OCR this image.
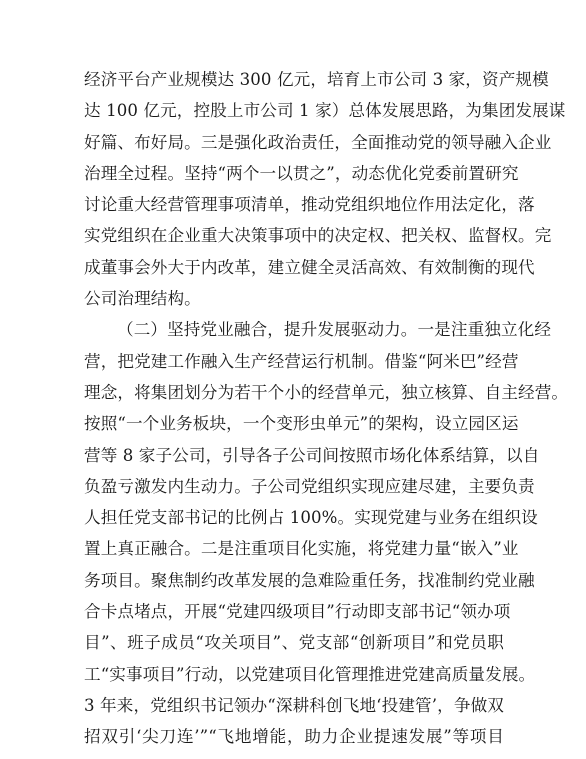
经济平台产业规模达 300 亿元，培育上市公司 3 家，资产规模
达 100 亿元，控股上市公司 1 家）总体发展思路，为集团发展谋
好篇、布好局。三是强化政治责任，全面推动党的领导融入企业
治理全过程。坚持“两个一以贯之”，动态优化党委前置研究
讨论重大经营管理事项清单，推动党组织地位作用法定化，落
实党组织在企业重大决策事项中的决定权、把关权、监督权。完
成董事会外大于内改革，建立健全灵活高效、有效制衡的现代
公司治理结构。
（二）坚持党业融合，提升发展驱动力。一是注重独立化经
营，把党建工作融入生产经营运行机制。借鉴“阿米巴”经营
理念，将集团划分为若干个小的经营单元，独立核算、自主经营。
按照“一个业务板块，一个变形虫单元”的架构，设立园区运
营等 8 家子公司，引导各子公司间按照市场化体系结算，以自
负盈亏激发内生动力。子公司党组织实现应建尽建，主要负责
人担任党支部书记的比例占 100%。实现党建与业务在组织设
置上真正融合。二是注重项目化实施，将党建力量“嵌入”业
务项目。聚焦制约改革发展的急难险重任务，找准制约党业融
合卡点堵点，开展“党建四级项目”行动即支部书记“领办项
目”、班子成员“攻关项目”、党支部“创新项目”和党员职
工“实事项目”行动，以党建项目化管理推进党建高质量发展。
3 年来，党组织书记领办“深耕科创飞地‘投建管’，争做双
招双引‘尖刀连’”“飞地增能，助力企业提速发展”等项目
